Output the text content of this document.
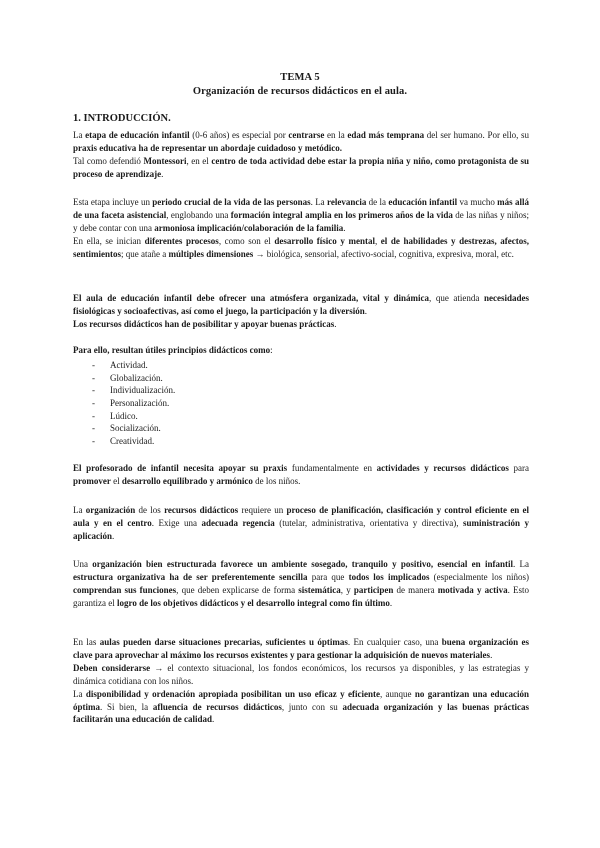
TEMA 5
Organización de recursos didácticos en el aula.
1. INTRODUCCIÓN.
La etapa de educación infantil (0-6 años) es especial por centrarse en la edad más temprana del ser humano. Por ello, su praxis educativa ha de representar un abordaje cuidadoso y metódico.
Tal como defendió Montessori, en el centro de toda actividad debe estar la propia niña y niño, como protagonista de su proceso de aprendizaje.
Esta etapa incluye un periodo crucial de la vida de las personas. La relevancia de la educación infantil va mucho más allá de una faceta asistencial, englobando una formación integral amplia en los primeros años de la vida de las niñas y niños; y debe contar con una armoniosa implicación/colaboración de la familia.
En ella, se inician diferentes procesos, como son el desarrollo físico y mental, el de habilidades y destrezas, afectos, sentimientos; que atañe a múltiples dimensiones → biológica, sensorial, afectivo-social, cognitiva, expresiva, moral, etc.
El aula de educación infantil debe ofrecer una atmósfera organizada, vital y dinámica, que atienda necesidades fisiológicas y socioafectivas, así como el juego, la participación y la diversión.
Los recursos didácticos han de posibilitar y apoyar buenas prácticas.
Para ello, resultan útiles principios didácticos como:
- Actividad.
- Globalización.
- Individualización.
- Personalización.
- Lúdico.
- Socialización.
- Creatividad.
El profesorado de infantil necesita apoyar su praxis fundamentalmente en actividades y recursos didácticos para promover el desarrollo equilibrado y armónico de los niños.
La organización de los recursos didácticos requiere un proceso de planificación, clasificación y control eficiente en el aula y en el centro. Exige una adecuada regencia (tutelar, administrativa, orientativa y directiva), suministración y aplicación.
Una organización bien estructurada favorece un ambiente sosegado, tranquilo y positivo, esencial en infantil. La estructura organizativa ha de ser preferentemente sencilla para que todos los implicados (especialmente los niños) comprendan sus funciones, que deben explicarse de forma sistemática, y participen de manera motivada y activa. Esto garantiza el logro de los objetivos didácticos y el desarrollo integral como fin último.
En las aulas pueden darse situaciones precarias, suficientes u óptimas. En cualquier caso, una buena organización es clave para aprovechar al máximo los recursos existentes y para gestionar la adquisición de nuevos materiales.
Deben considerarse → el contexto situacional, los fondos económicos, los recursos ya disponibles, y las estrategias y dinámica cotidiana con los niños.
La disponibilidad y ordenación apropiada posibilitan un uso eficaz y eficiente, aunque no garantizan una educación óptima. Si bien, la afluencia de recursos didácticos, junto con su adecuada organización y las buenas prácticas facilitarán una educación de calidad.
